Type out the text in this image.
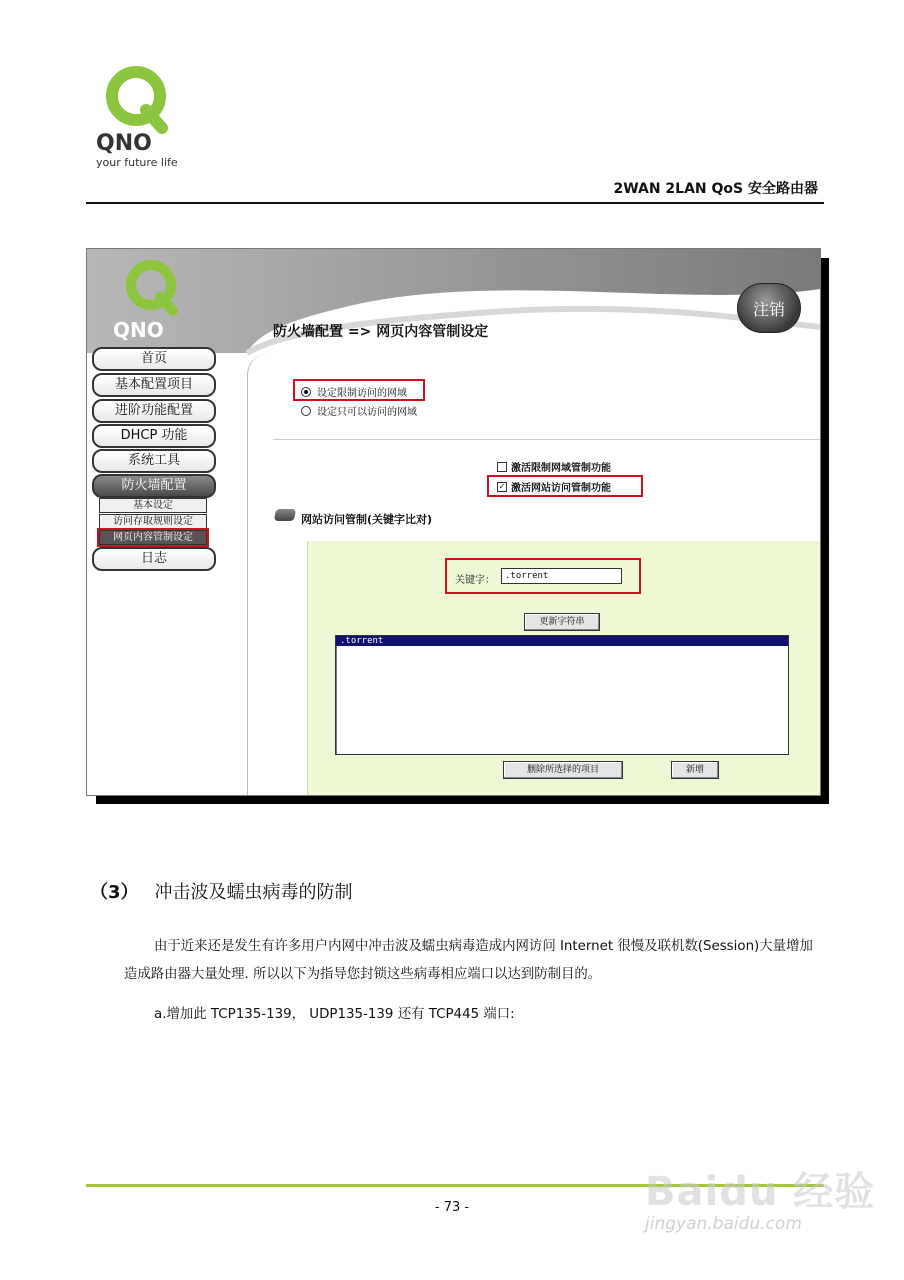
QNO
your future life
2WAN 2LAN QoS 安全路由器
QNO
注销
防火墙配置 => 网页内容管制设定
首页
基本配置项目
进阶功能配置
DHCP 功能
系统工具
防火墙配置
基本设定
访问存取规则设定
网页内容管制设定
日志
设定限制访问的网域
设定只可以访问的网域
激活限制网域管制功能
✓ 激活网站访问管制功能
网站访问管制(关键字比对)
关键字：	.torrent
更新字符串
.torrent
删除所选择的项目	新增
（3） 冲击波及蠕虫病毒的防制
由于近来还是发生有许多用户内网中冲击波及蠕虫病毒造成内网访问 Internet 很慢及联机数(Session)大量增加造成路由器大量处理. 所以以下为指导您封锁这些病毒相应端口以达到防制目的。
a.增加此 TCP135-139， UDP135-139 还有 TCP445 端口:
- 73 -	Baidu 经验
jingyan.baidu.com
